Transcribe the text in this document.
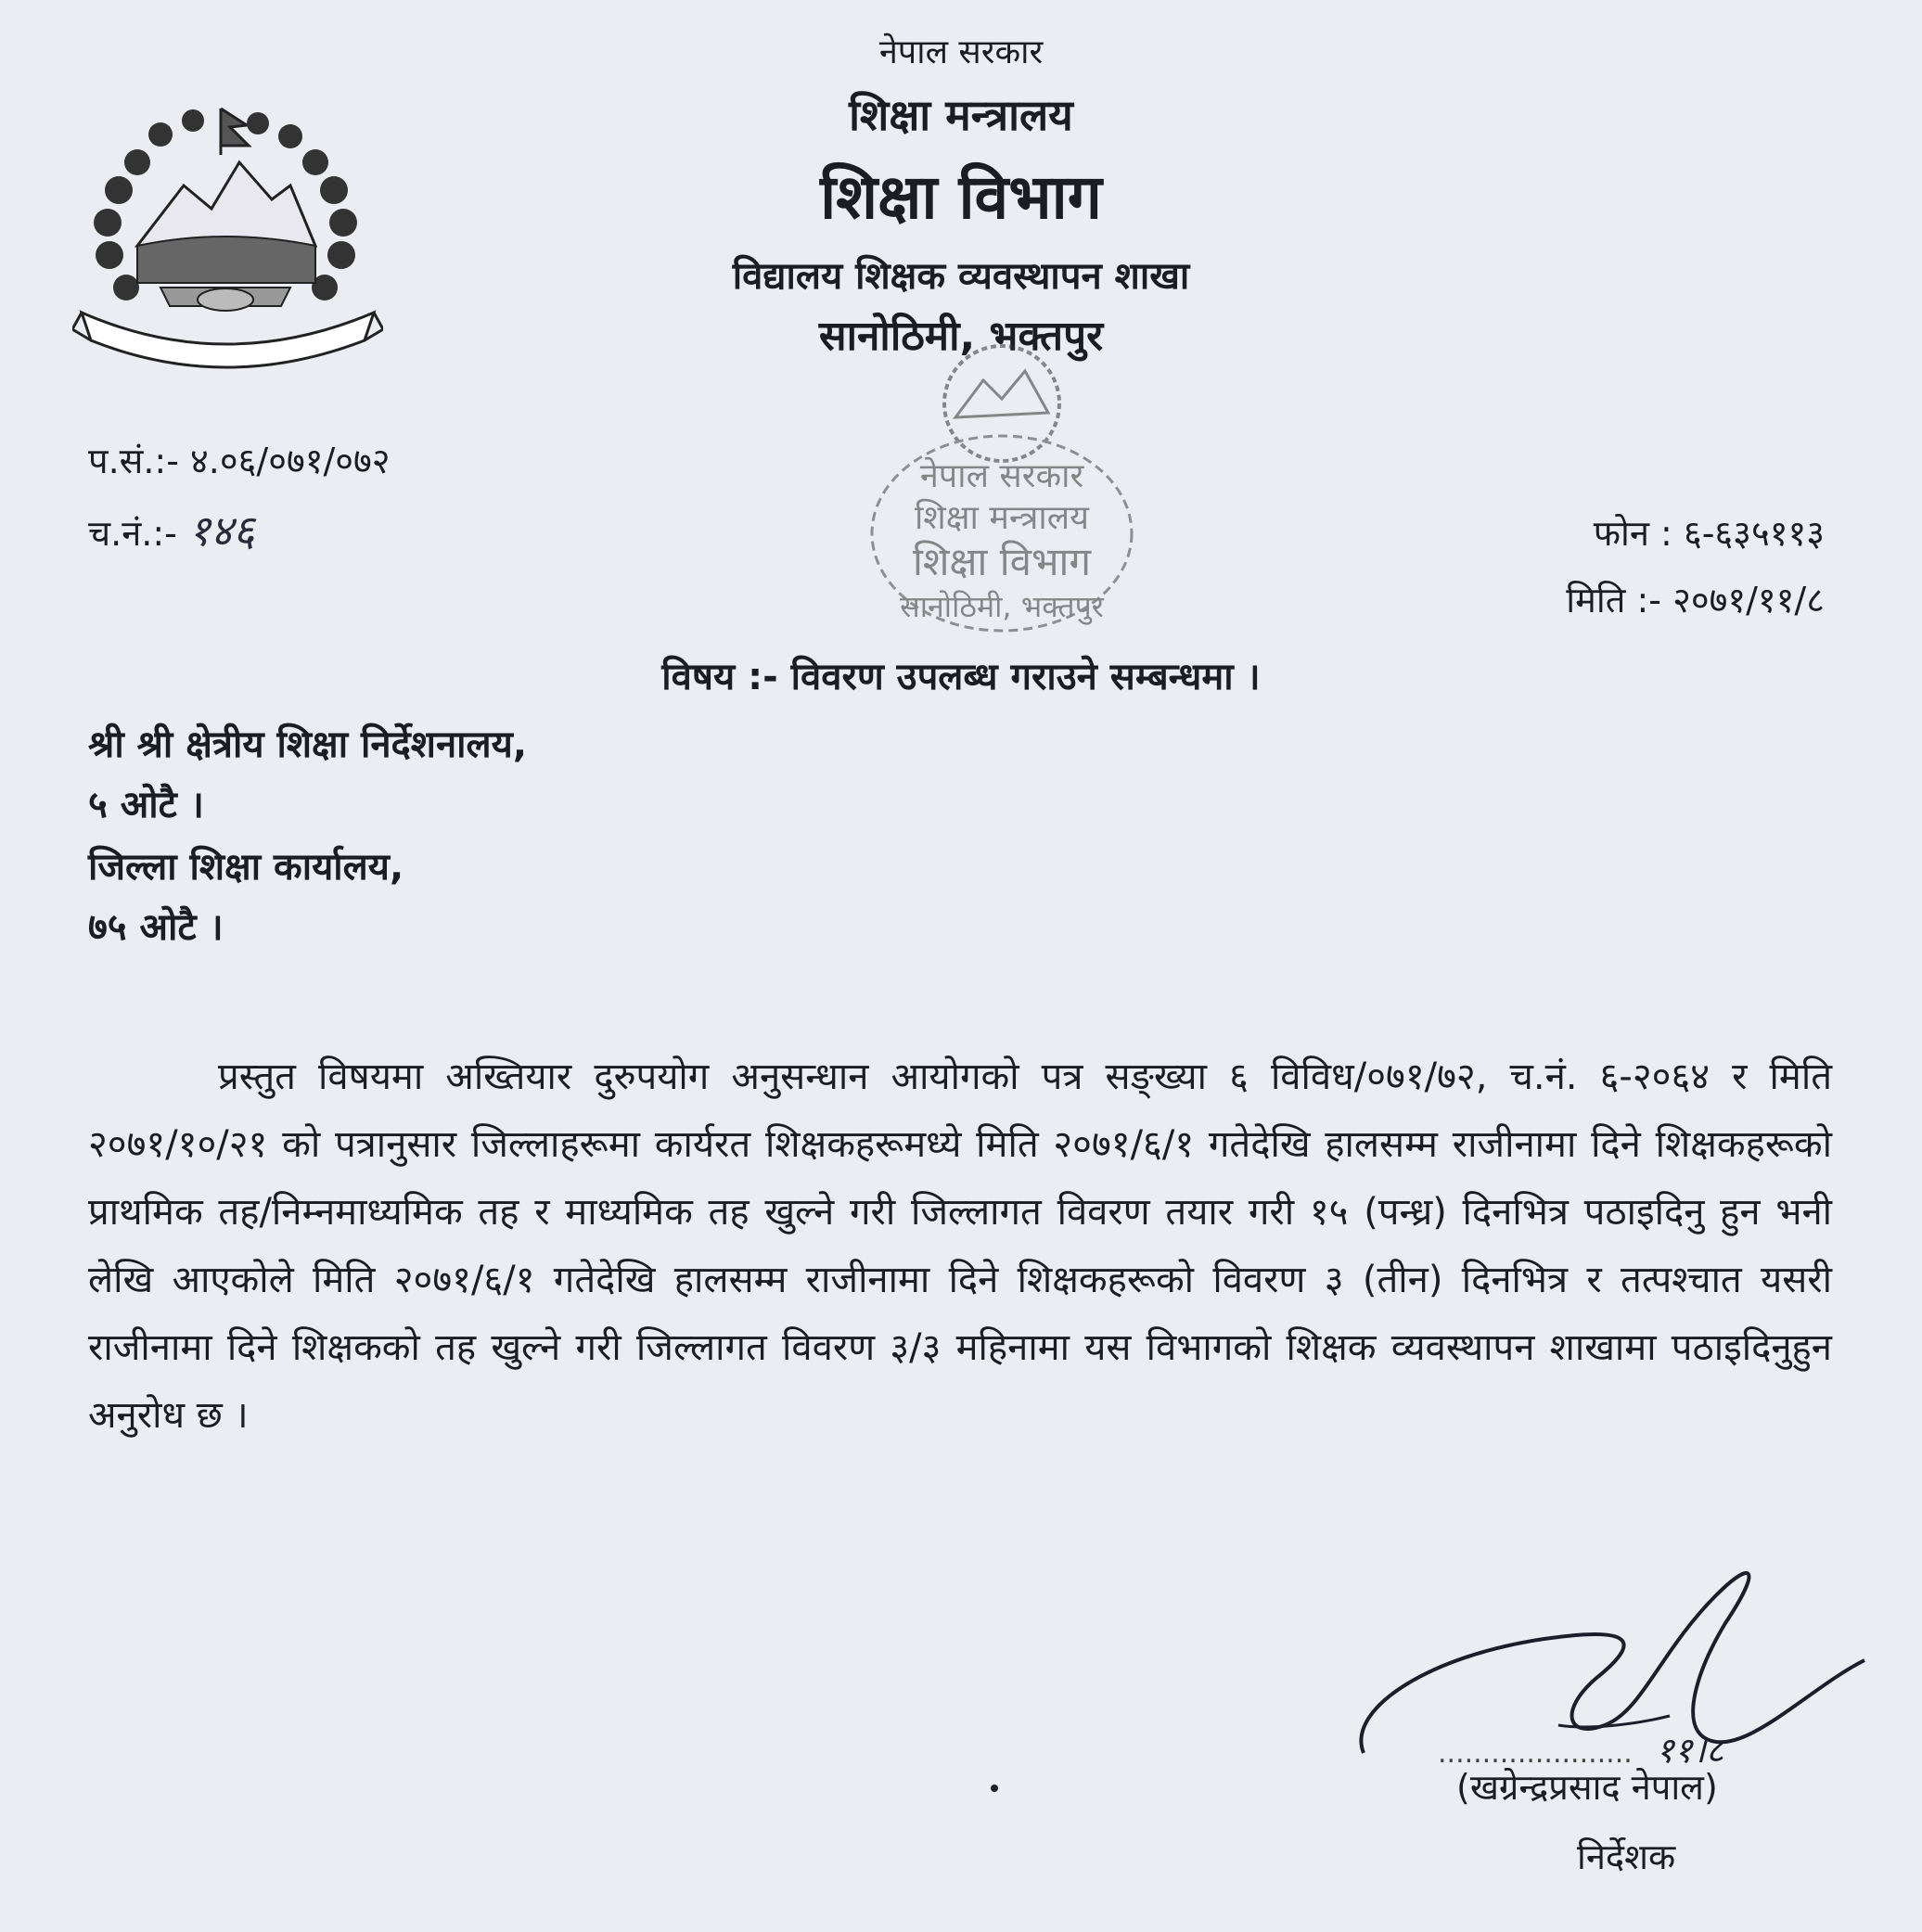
नेपाल सरकार
शिक्षा मन्त्रालय
शिक्षा विभाग
विद्यालय शिक्षक व्यवस्थापन शाखा
सानोठिमी, भक्तपुर
नेपाल सरकार
शिक्षा मन्त्रालय
शिक्षा विभाग
सानोठिमी, भक्तपुर
प.सं.:- ४.०६/०७१/०७२
च.नं.:- १४६	फोन : ६-६३५११३
मिति :- २०७१/११/८
विषय :- विवरण उपलब्ध गराउने सम्बन्धमा ।
श्री श्री क्षेत्रीय शिक्षा निर्देशनालय,
५ ओटै ।
जिल्ला शिक्षा कार्यालय,
७५ ओटै ।
प्रस्तुत विषयमा अख्तियार दुरुपयोग अनुसन्धान आयोगको पत्र सङ्ख्या ६ विविध/०७१/७२, च.नं. ६-२०६४ र मिति २०७१/१०/२१ को पत्रानुसार जिल्लाहरूमा कार्यरत शिक्षकहरूमध्ये मिति २०७१/६/१ गतेदेखि हालसम्म राजीनामा दिने शिक्षकहरूको प्राथमिक तह/निम्नमाध्यमिक तह र माध्यमिक तह खुल्ने गरी जिल्लागत विवरण तयार गरी १५ (पन्ध्र) दिनभित्र पठाइदिनु हुन भनी लेखि आएकोले मिति २०७१/६/१ गतेदेखि हालसम्म राजीनामा दिने शिक्षकहरूको विवरण ३ (तीन) दिनभित्र र तत्पश्चात यसरी राजीनामा दिने शिक्षकको तह खुल्ने गरी जिल्लागत विवरण ३/३ महिनामा यस विभागको शिक्षक व्यवस्थापन शाखामा पठाइदिनुहुन अनुरोध छ ।
...................... ११।८
(खग्रेन्द्रप्रसाद नेपाल)
निर्देशक
